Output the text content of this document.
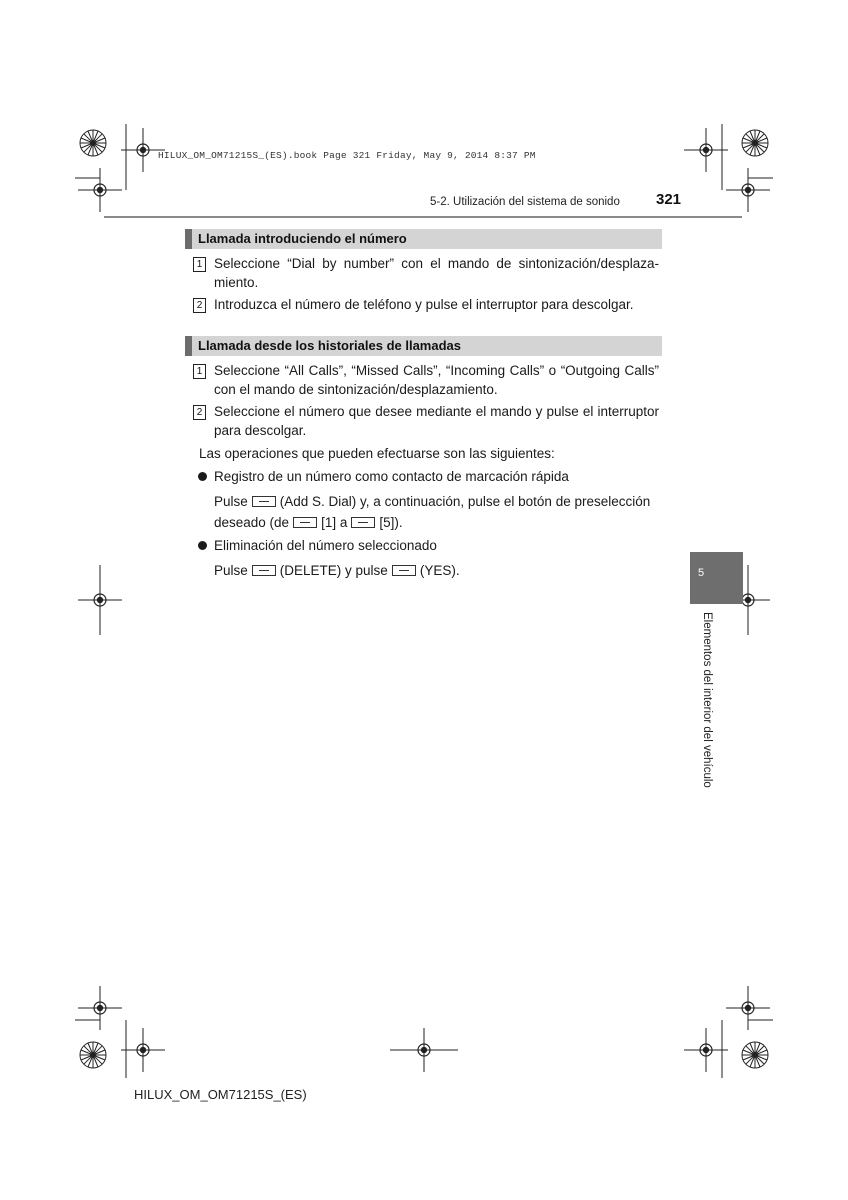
HILUX_OM_OM71215S_(ES).book Page 321 Friday, May 9, 2014 8:37 PM
5-2. Utilización del sistema de sonido 321
Llamada introduciendo el número
1 Seleccione “Dial by number” con el mando de sintonización/desplaza-miento.
2 Introduzca el número de teléfono y pulse el interruptor para descolgar.
Llamada desde los historiales de llamadas
1 Seleccione “All Calls”, “Missed Calls”, “Incoming Calls” o “Outgoing Calls” con el mando de sintonización/desplazamiento.
2 Seleccione el número que desee mediante el mando y pulse el interruptor para descolgar.
Las operaciones que pueden efectuarse son las siguientes:
Registro de un número como contacto de marcación rápida
Pulse (Add S. Dial) y, a continuación, pulse el botón de preselección
deseado (de [1] a [5]).
Eliminación del número seleccionado
Pulse (DELETE) y pulse (YES).	5
Elementos del interior del vehículo
HILUX_OM_OM71215S_(ES)
